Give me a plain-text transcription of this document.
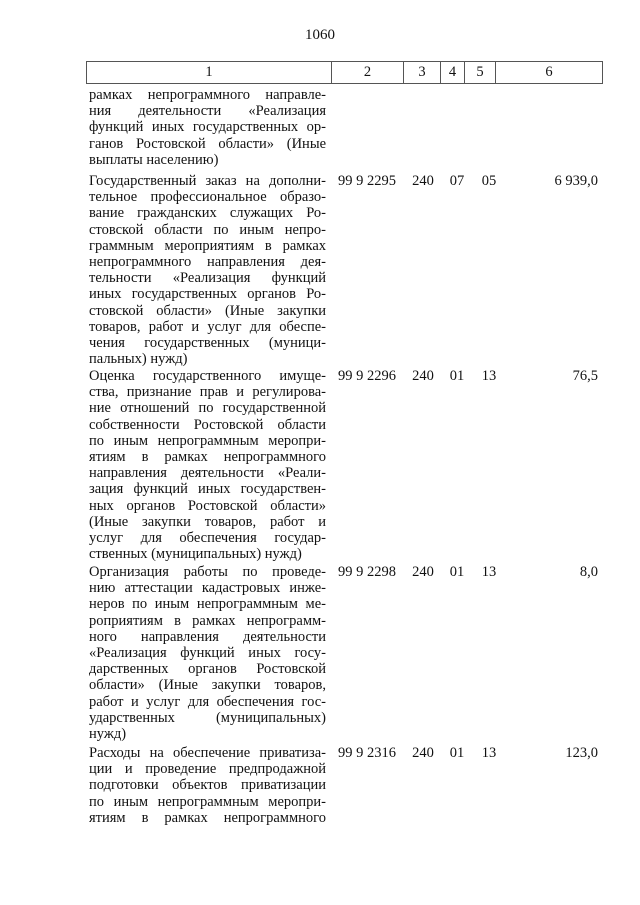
1060
1	2	3	4	5	6
рамках непрограммного направле-
ния деятельности «Реализация
функций иных государственных ор-
ганов Ростовской области» (Иные
выплаты населению)
Государственный заказ на дополни-
тельное профессиональное образо-
вание гражданских служащих Ро-
стовской области по иным непро-
граммным мероприятиям в рамках
непрограммного направления дея-
тельности «Реализация функций
иных государственных органов Ро-
стовской области» (Иные закупки
товаров, работ и услуг для обеспе-
чения государственных (муници-
пальных) нужд)
99 9 2295	240	07	05	6 939,0
Оценка государственного имуще-
ства, признание прав и регулирова-
ние отношений по государственной
собственности Ростовской области
по иным непрограммным меропри-
ятиям в рамках непрограммного
направления деятельности «Реали-
зация функций иных государствен-
ных органов Ростовской области»
(Иные закупки товаров, работ и
услуг для обеспечения государ-
ственных (муниципальных) нужд)
99 9 2296	240	01	13	76,5
Организация работы по проведе-
нию аттестации кадастровых инже-
неров по иным непрограммным ме-
роприятиям в рамках непрограмм-
ного направления деятельности
«Реализация функций иных госу-
дарственных органов Ростовской
области» (Иные закупки товаров,
работ и услуг для обеспечения гос-
ударственных (муниципальных)
нужд)
99 9 2298	240	01	13	8,0
Расходы на обеспечение приватиза-
ции и проведение предпродажной
подготовки объектов приватизации
по иным непрограммным меропри-
ятиям в рамках непрограммного
99 9 2316	240	01	13	123,0
